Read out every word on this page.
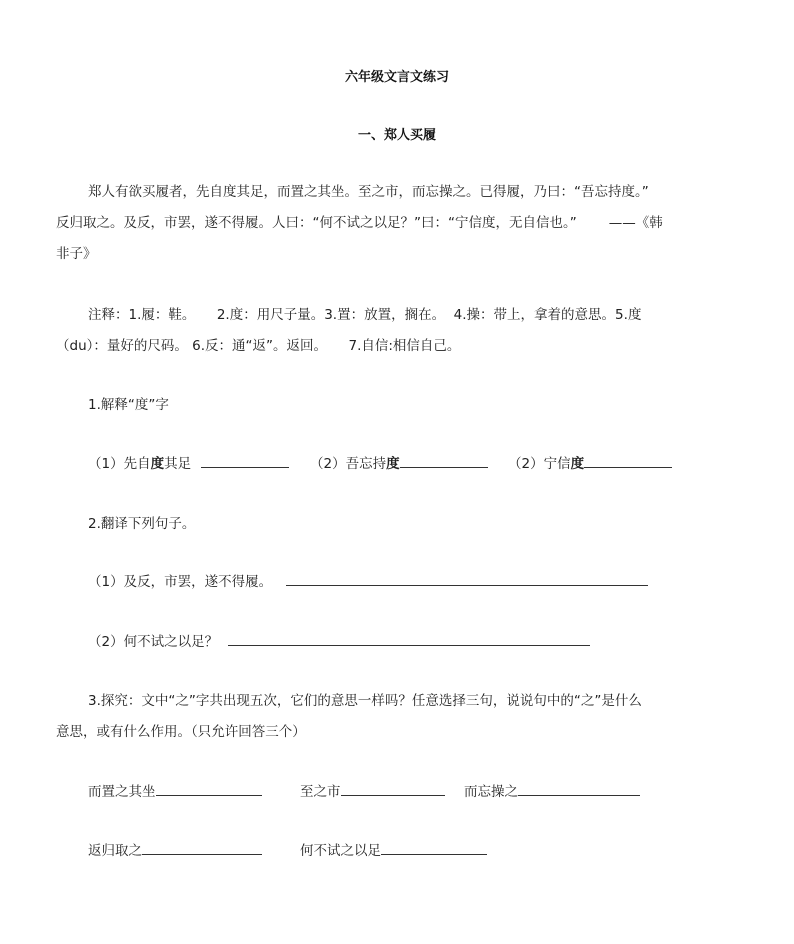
六年级文言文练习
一、郑人买履
郑人有欲买履者，先自度其足，而置之其坐。至之市，而忘操之。已得履，乃曰：“吾忘持度。”
反归取之。及反，市罢，遂不得履。人曰：“何不试之以足？”曰：“宁信度，无自信也。” ——《韩
非子》
注释：1.履：鞋。     2.度：用尺子量。3.置：放置，搁在。  4.操：带上，拿着的意思。5.度
（du）：量好的尺码。 6.反：通“返”。返回。     7.自信:相信自己。
1.解释“度”字
（1）先自度其足	（2）吾忘持度	（2）宁信度
2.翻译下列句子。
（1）及反，市罢，遂不得履。
（2）何不试之以足？
3.探究：文中“之”字共出现五次，它们的意思一样吗？任意选择三句，说说句中的“之”是什么
意思，或有什么作用。（只允许回答三个）
而置之其坐	至之市	而忘操之
返归取之	何不试之以足
